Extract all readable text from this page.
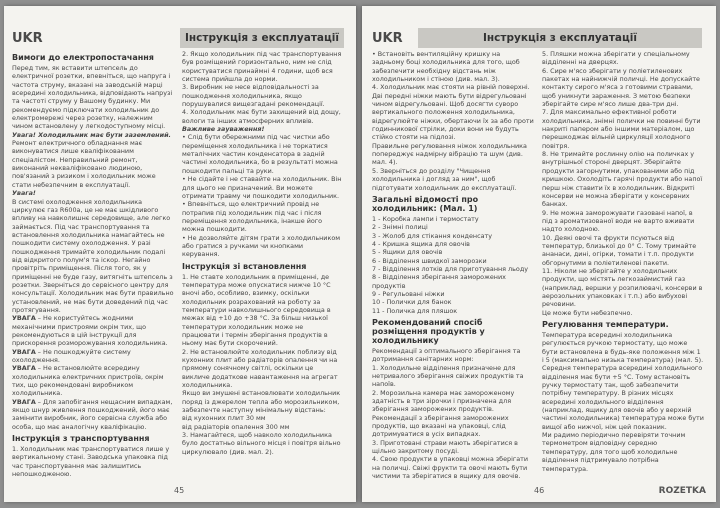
UKR	Інструкція з експлуатації
Вимоги до електропостачання

Перед тим, як вставити штепсель до електричної розетки, впевніться, що напруга і частота струму, вказані на заводській марці всередині холодильника, відповідають напрузі та частоті струму у Вашому будинку. Ми рекомендуємо підключати холодильник до електромережі через розетку, належним чином встановлену у легкодоступному місці.

Увага! Холодильник має бути заземлений.

Ремонт електричного обладнання має виконуватися лише кваліфікованим спеціалістом. Неправильний ремонт, виконаний некваліфіковано людиною, пов'язаний з ризиком і холодильник може стати небезпечним в експлуатації.

Увага!

В системі охолодження холодильника циркулює газ R600a, це не має шкідливого впливу на навколишнє середовище, але легко займається. Під час транспортування та встановлення холодильника намагайтесь не пошкодити систему охолодження. У разі пошкодження тримайте холодильник подалі від відкритого полум'я та іскор. Негайно провітріть приміщення. Після того, як у приміщенні не буде газу, витягніть штепсель з розетки. Зверніться до сервісного центру для консультації. Холодильник має бути правильно установлений, не має бути доведений під час протягування.

УВАГА – Не користуйтесь жодними механічними пристроями окрім тих, що рекомендуються в цій інструкції для прискорення розморожування холодильника.

УВАГА – Не пошкоджуйте систему охолодження.

УВАГА – Не встановлюйте всередину холодильника електричних пристроїв, окрім тих, що рекомендовані виробником холодильника.

УВАГА – Для запобігання нещасним випадкам, якщо шнур живлення пошкоджений, його має замінити виробник, його сервісна служба або особа, що має аналогічну кваліфікацію.

Інструкція з транспортування

1. Холодильник має транспортуватися лише у вертикальному стані. Заводська упаковка під час транспортування має залишитись непошкодженою.

2. Якщо холодильник під час транспортування був розміщений горизонтально, ним не слід користуватися принаймні 4 години, щоб вся система прийшла до норми.

3. Виробник не несе відповідальності за пошкодження холодильника, якщо порушувалися вищезгадані рекомендації.

4. Холодильник має бути захищений від дощу, вологи та інших атмосферних впливів.

Важливе зауваження!

• Слід бути обережними під час чистки або переміщення холодильника і не торкатися металічних частин конденсатора в задній частині холодильника, бо в результаті можна пошкодити пальці та руки.

• Не сідайте і не ставайте на холодильник. Він для цього не призначений. Ви можете отримати травму чи пошкодити холодильник.

• Впевніться, що електричний провід не потрапив під холодильник під час і після переміщення холодильника, інакше його можна пошкодити.

• Не дозволяйте дітям грати з холодильником або гратися з ручками чи кнопками керування.

Інструкція зі встановлення

1. Не ставте холодильник в приміщенні, де температура може опускатися нижче 10 °C вночі або, особливо, взимку, оскільки холодильник розрахований на роботу за температури навколишнього середовища в межах від +10 до +38 °C. За більш низької температури холодильник може не працювати і термін зберігання продуктів в ньому має бути скорочений.

2. Не встановлюйте холодильник поблизу від кухонних плит або радіаторів опалення чи на прямому сонячному світлі, оскільки це викличе додаткове навантаження на агрегат холодильника.

Якщо ви змушені встановлювати холодильник поряд із джерелом тепла або морозильником, забезпечте наступну мінімальну відстань:

від кухонних плит 30 мм

від радіаторів опалення 300 мм

3. Намагайтеся, щоб навколо холодильника було достатньо вільного місця і повітря вільно циркулювало (див. мал. 2).

45
UKR	Інструкція з експлуатації

• Встановіть вентиляційну кришку на задньому боці холодильника для того, щоб забезпечити необхідну відстань між холодильником і стіною (див. мал. 3).

4. Холодильник має стояти на рівній поверхні. Дві передні ніжки мають бути відрегульовані чином відрегульовані. Щоб досягти суворо вертикального положення холодильника, відрегулюйте ніжки, обертаючи їх за або проти годинникової стрілки, доки вони не будуть стійко стояти на підлозі.

Правильне регулювання ніжок холодильника попереджує надмірну вібрацію та шум (див. мал. 4).

5. Зверніться до розділу "Чищення холодильника і догляд за ним", щоб підготувати холодильник до експлуатації.

Загальні відомості про холодильник: (Мал. 1)

1 - Коробка лампи і термостату

2 - Знімні полиці

3 - Жолоб для стікання конденсату

4 - Кришка ящика для овочів

5 - Ящики для овочів

6 - Відділення швидкої заморозки

7 - Відділення лотків для приготування льоду

8 - Відділення зберігання заморожених продуктів

9 - Регульовані ніжки

10 - Полички для банок

11 - Поличка для пляшок

Рекомендований спосіб розміщення продуктів у холодильнику

Рекомендації з оптимального зберігання та дотримання санітарних норм:

1. Холодильне відділення призначене для нетривалого зберігання свіжих продуктів та напоїв.

2. Морозильна камера має замороженому здатність в три зірочки і призначена для зберігання заморожених продуктів. Рекомендації з зберігання заморожених продуктів, що вказані на упаковці, слід дотримуватися в усіх випадках.

3. Приготовані страви мають зберігатися в щільно закритому посуді.

4. Свою продукти в упаковці можна зберігати на поличці. Свіжі фрукти та овочі мають бути чистими та зберігатися в ящику для овочів.

5. Пляшки можна зберігати у спеціальному відділенні на дверцях.

6. Сире м'ясо зберігати у поліетиленових пакетах на найнижчій поличці. Не допускайте контакту сирого м'яса з готовими стравами, щоб уникнути зараження. З метою безпеки зберігайте сире м'ясо лише два-три дні.

7. Для максимально ефективної роботи холодильника, знімні полички не повинні бути накриті папером або іншими матеріалом, що перешкоджає вільній циркуляції холодного повітря.

8. Не тримайте рослинну олію на поличках у внутрішньої стороні дверцят. Зберігайте продукти загорнутими, упакованими або під кришкою. Охолодіть гарячі продукти або напої перш ніж ставити їх в холодильник. Відкриті консерви не можна зберігати у консервних банках.

9. Не можна заморожувати газовані напої, в під з ароматизованої води не варто вживати надто холодною.

10. Деякі овочі та фрукти псуються від температур, близької до 0° C. Тому тримайте ананаси, дині, огірки, томати і т.п. продукти обгорнутими в поліетиленові пакети.

11. Ніколи не зберігайте у холодильних продукти, що містять легкозаймистий газ (наприклад, вершки у розпилювачі, консерви в аерозольних упаковках і т.п.) або вибухові речовини.

Це може бути небезпечно.

Регулювання температури.

Температура всередині холодильника регулюється ручкою термостату, що може бути встановлена в будь-яке положення між 1 і 5 (максимально низька температура) (мал. 5).

Середня температура всередині холодильного відділення має бути +5 °C. Тому встановіть ручку термостату так, щоб забезпечити потрібну температуру. В різних місцях всередині холодильного відділення (наприклад, ящику для овочів або у верхній частині холодильника) температура може бути вищої або нижчої, ніж цей показник.

Ми радимо періодично перевіряти точним термометром відповідну середню температуру, для того щоб холодильне відділення підтримувало потрібна температура.

46	ROZETKA
